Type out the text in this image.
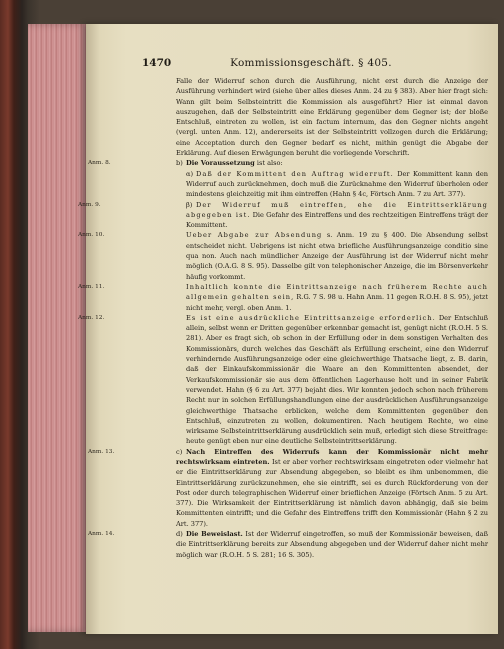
1470	Kommissionsgeschäft. § 405.

Falle der Widerruf schon durch die Ausführung, nicht erst durch die Anzeige der Ausführung verhindert wird (siehe über alles dieses Anm. 24 zu § 383). Aber hier fragt sich: Wann gilt beim Selbsteintritt die Kommission als ausgeführt? Hier ist einmal davon auszugehen, daß der Selbsteintritt eine Erklärung gegenüber dem Gegner ist; der bloße Entschluß, eintreten zu wollen, ist ein factum internum, das den Gegner nichts angeht (vergl. unten Anm. 12), andererseits ist der Selbsteintritt vollzogen durch die Erklärung; eine Acceptation durch den Gegner bedarf es nicht, mithin genügt die Abgabe der Erklärung. Auf diesen Erwägungen beruht die vorliegende Vorschrift.

Anm. 8.	b) Die Voraussetzung ist also:

α) Daß der Kommittent den Auftrag widerruft. Der Kommittent kann den Widerruf auch zurücknehmen, doch muß die Zurücknahme den Widerruf überholen oder mindestens gleichzeitig mit ihm eintreffen (Hahn § 4c, Förtsch Anm. 7 zu Art. 377).

Anm. 9.	β) Der Widerruf muß eintreffen, ehe die Eintrittserklärung abgegeben ist. Die Gefahr des Eintreffens und des rechtzeitigen Eintreffens trägt der Kommittent.

Anm. 10.	Ueber Abgabe zur Absendung s. Anm. 19 zu § 400. Die Absendung selbst entscheidet nicht. Uebrigens ist nicht etwa briefliche Ausführungsanzeige conditio sine qua non. Auch nach mündlicher Anzeige der Ausführung ist der Widerruf nicht mehr möglich (O.A.G. 8 S. 95). Dasselbe gilt von telephonischer Anzeige, die im Börsenverkehr häufig vorkommt.

Anm. 11.	Inhaltlich konnte die Eintrittsanzeige nach früherem Rechte auch allgemein gehalten sein, R.G. 7 S. 98 u. Hahn Anm. 11 gegen R.O.H. 8 S. 95), jetzt nicht mehr, vergl. oben Anm. 1.

Anm. 12.	Es ist eine ausdrückliche Eintrittsanzeige erforderlich. Der Entschluß allein, selbst wenn er Dritten gegenüber erkennbar gemacht ist, genügt nicht (R.O.H. 5 S. 281). Aber es fragt sich, ob schon in der Erfüllung oder in dem sonstigen Verhalten des Kommissionärs, durch welches das Geschäft als Erfüllung erscheint, eine den Widerruf verhindernde Ausführungsanzeige oder eine gleichwerthige Thatsache liegt, z. B. darin, daß der Einkaufskommissionär die Waare an den Kommittenten absendet, der Verkaufskommissionär sie aus dem öffentlichen Lagerhause holt und in seiner Fabrik verwendet. Hahn (§ 6 zu Art. 377) bejaht dies. Wir konnten jedoch schon nach früherem Recht nur in solchen Erfüllungshandlungen eine der ausdrücklichen Ausführungsanzeige gleichwerthige Thatsache erblicken, welche dem Kommittenten gegenüber den Entschluß, einzutreten zu wollen, dokumentiren. Nach heutigem Rechte, wo eine wirksame Selbsteintrittserklärung ausdrücklich sein muß, erledigt sich diese Streitfrage: heute genügt eben nur eine deutliche Selbsteintrittserklärung.

Anm. 13.	c) Nach Eintreffen des Widerrufs kann der Kommissionär nicht mehr rechtswirksam eintreten. Ist er aber vorher rechtswirksam eingetreten oder vielmehr hat er die Eintrittserklärung zur Absendung abgegeben, so bleibt es ihm unbenommen, die Eintrittserklärung zurückzunehmen, ehe sie eintrifft, sei es durch Rückforderung von der Post oder durch telegraphischen Widerruf einer brieflichen Anzeige (Förtsch Anm. 5 zu Art. 377). Die Wirksamkeit der Eintrittserklärung ist nämlich davon abhängig, daß sie beim Kommittenten eintrifft; und die Gefahr des Eintreffens trifft den Kommissionär (Hahn § 2 zu Art. 377).

Anm. 14.	d) Die Beweislast. Ist der Widerruf eingetroffen, so muß der Kommissionär beweisen, daß die Eintrittserklärung bereits zur Absendung abgegeben und der Widerruf daher nicht mehr möglich war (R.O.H. 5 S. 281; 16 S. 305).
